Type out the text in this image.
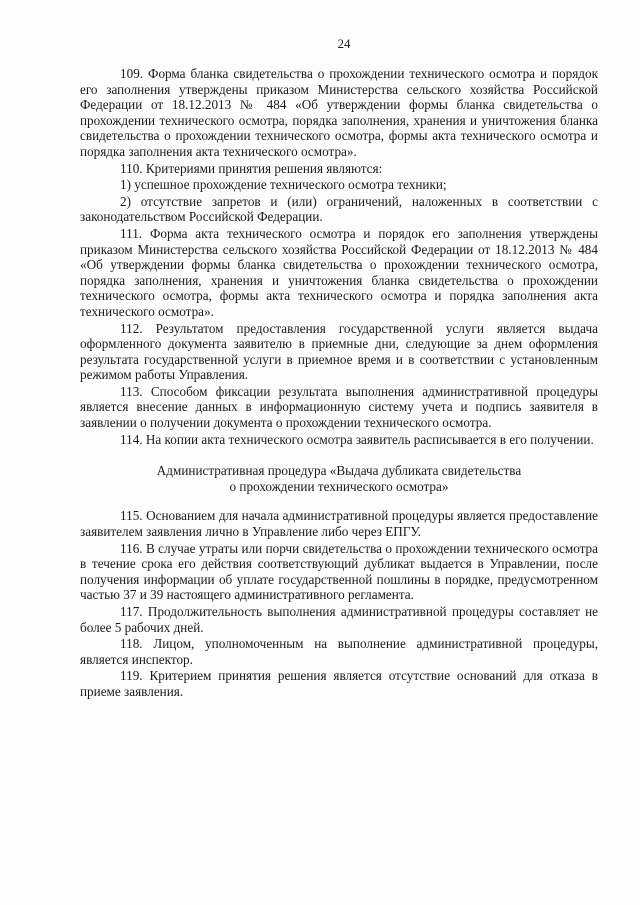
24

109. Форма бланка свидетельства о прохождении технического осмотра и порядок его заполнения утверждены приказом Министерства сельского хозяйства Российской Федерации от 18.12.2013 № 484 «Об утверждении формы бланка свидетельства о прохождении технического осмотра, порядка заполнения, хранения и уничтожения бланка свидетельства о прохождении технического осмотра, формы акта технического осмотра и порядка заполнения акта технического осмотра».

110. Критериями принятия решения являются:

1) успешное прохождение технического осмотра техники;

2) отсутствие запретов и (или) ограничений, наложенных в соответствии с законодательством Российской Федерации.

111. Форма акта технического осмотра и порядок его заполнения утверждены приказом Министерства сельского хозяйства Российской Федерации от 18.12.2013 № 484 «Об утверждении формы бланка свидетельства о прохождении технического осмотра, порядка заполнения, хранения и уничтожения бланка свидетельства о прохождении технического осмотра, формы акта технического осмотра и порядка заполнения акта технического осмотра».

112. Результатом предоставления государственной услуги является выдача оформленного документа заявителю в приемные дни, следующие за днем оформления результата государственной услуги в приемное время и в соответствии с установленным режимом работы Управления.

113. Способом фиксации результата выполнения административной процедуры является внесение данных в информационную систему учета и подпись заявителя в заявлении о получении документа о прохождении технического осмотра.

114. На копии акта технического осмотра заявитель расписывается в его получении.

Административная процедура «Выдача дубликата свидетельства
о прохождении технического осмотра»

115. Основанием для начала административной процедуры является предоставление заявителем заявления лично в Управление либо через ЕПГУ.

116. В случае утраты или порчи свидетельства о прохождении технического осмотра в течение срока его действия соответствующий дубликат выдается в Управлении, после получения информации об уплате государственной пошлины в порядке, предусмотренном частью 37 и 39 настоящего административного регламента.

117. Продолжительность выполнения административной процедуры составляет не более 5 рабочих дней.

118. Лицом, уполномоченным на выполнение административной процедуры, является инспектор.

119. Критерием принятия решения является отсутствие оснований для отказа в приеме заявления.
